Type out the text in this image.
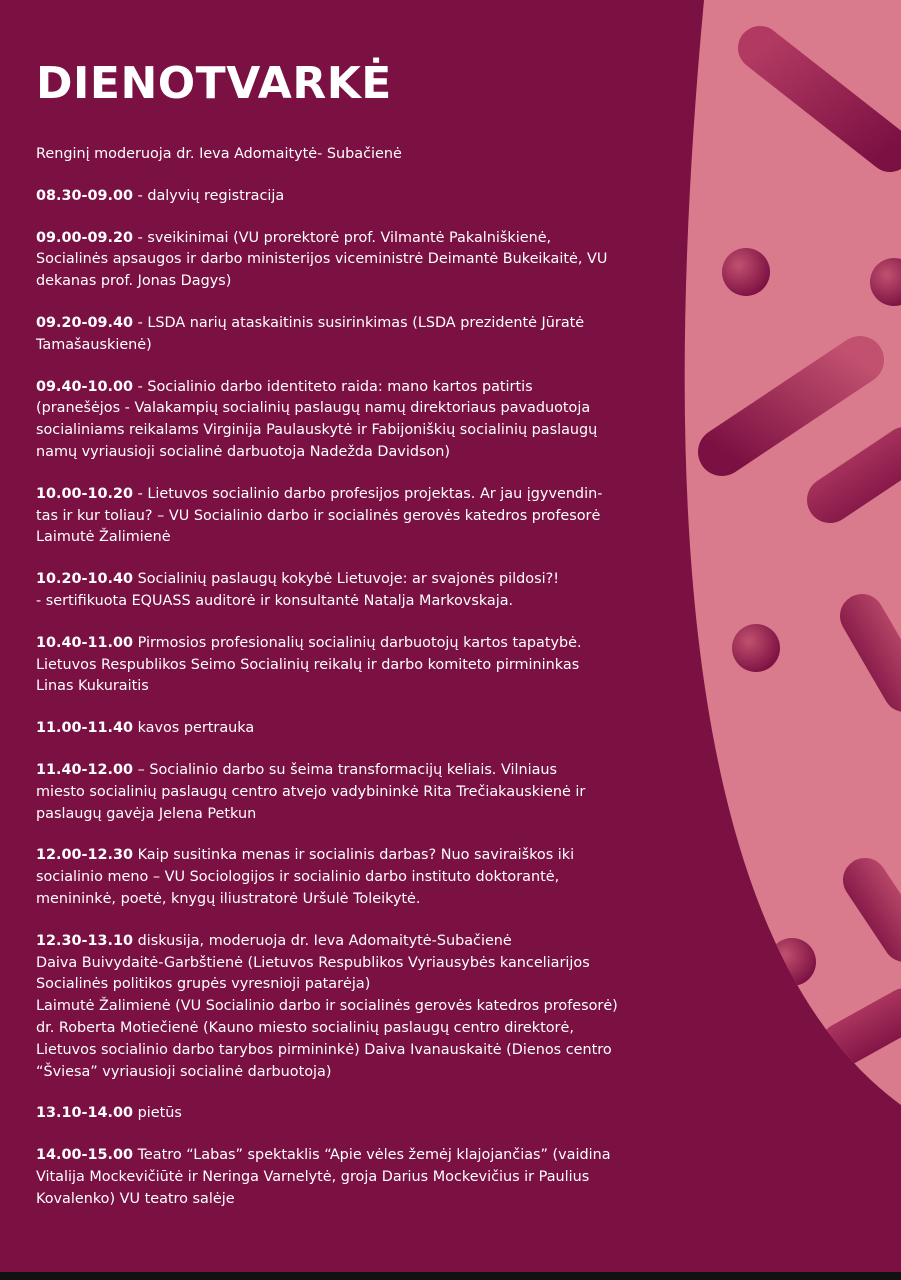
DIENOTVARKĖ
Renginį moderuoja dr. Ieva Adomaitytė- Subačienė
08.30-09.00 - dalyvių registracija
09.00-09.20 - sveikinimai (VU prorektorė prof. Vilmantė Pakalniškienė,
Socialinės apsaugos ir darbo ministerijos viceministrė Deimantė Bukeikaitė, VU
dekanas prof. Jonas Dagys)
09.20-09.40 - LSDA narių ataskaitinis susirinkimas (LSDA prezidentė Jūratė
Tamašauskienė)
09.40-10.00 - Socialinio darbo identiteto raida: mano kartos patirtis
(pranešėjos - Valakampių socialinių paslaugų namų direktoriaus pavaduotoja
socialiniams reikalams Virginija Paulauskytė ir Fabijoniškių socialinių paslaugų
namų vyriausioji socialinė darbuotoja Nadežda Davidson)
10.00-10.20 - Lietuvos socialinio darbo profesijos projektas. Ar jau įgyvendin-
tas ir kur toliau? – VU Socialinio darbo ir socialinės gerovės katedros profesorė
Laimutė Žalimienė
10.20-10.40 Socialinių paslaugų kokybė Lietuvoje: ar svajonės pildosi?!
- sertifikuota EQUASS auditorė ir konsultantė Natalja Markovskaja.
10.40-11.00 Pirmosios profesionalių socialinių darbuotojų kartos tapatybė.
Lietuvos Respublikos Seimo Socialinių reikalų ir darbo komiteto pirmininkas
Linas Kukuraitis
11.00-11.40 kavos pertrauka
11.40-12.00 – Socialinio darbo su šeima transformacijų keliais. Vilniaus
miesto socialinių paslaugų centro atvejo vadybininkė Rita Trečiakauskienė ir
paslaugų gavėja Jelena Petkun
12.00-12.30 Kaip susitinka menas ir socialinis darbas? Nuo saviraiškos iki
socialinio meno – VU Sociologijos ir socialinio darbo instituto doktorantė,
menininkė, poetė, knygų iliustratorė Uršulė Toleikytė.
12.30-13.10 diskusija, moderuoja dr. Ieva Adomaitytė-Subačienė
Daiva Buivydaitė-Garbštienė (Lietuvos Respublikos Vyriausybės kanceliarijos
Socialinės politikos grupės vyresnioji patarėja)
Laimutė Žalimienė (VU Socialinio darbo ir socialinės gerovės katedros profesorė)
dr. Roberta Motiečienė (Kauno miesto socialinių paslaugų centro direktorė,
Lietuvos socialinio darbo tarybos pirmininkė) Daiva Ivanauskaitė (Dienos centro
“Šviesa” vyriausioji socialinė darbuotoja)
13.10-14.00 pietūs
14.00-15.00 Teatro “Labas” spektaklis “Apie vėles žemėj klajojančias” (vaidina
Vitalija Mockevičiūtė ir Neringa Varnelytė, groja Darius Mockevičius ir Paulius
Kovalenko) VU teatro salėje
